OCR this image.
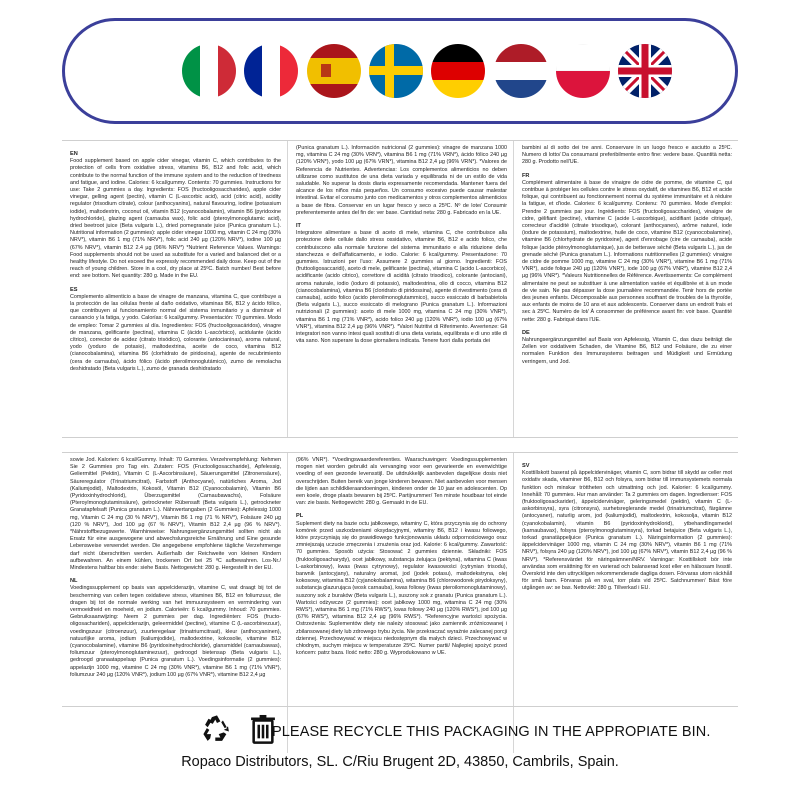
EN
Food supplement based on apple cider vinegar, vitamin C, which contributes to the protection of cells from oxidative stress, vitamins B6, B12 and folic acid, which contribute to the normal function of the immune system and to the reduction of tiredness and fatigue, and iodine. Calories: 6 kcal/gummy. Contents: 70 gummies. Instructions for use: Take 2 gummies a day. Ingredients: FOS (fructooligosaccharides), apple cider vinegar, gelling agent (pectin), vitamin C (L-ascorbic acid), acid (citric acid), acidity regulator (trisodium citrate), colour (anthocyanins), natural flavouring, iodine (potassium iodide), maltodextrin, coconut oil, vitamin B12 (cyanocobalamin), vitamin B6 (pyridoxine hydrochloride), glazing agent (carnauba wax), folic acid (pteroylmonoglutamic acid), dried beetroot juice (Beta vulgaris L.), dried pomegranate juice (Punica granatum L.). Nutritional information (2 gummies): apple cider vinegar 1000 mg, vitamin C 24 mg (30% NRV*), vitamin B6 1 mg (71% NRV*), folic acid 240 µg (120% NRV*), iodine 100 µg (67% NRV*), vitamin B12 2.4 µg (96% NRV*) *Nutrient Reference Values. Warnings: Food supplements should not be used as substitute for a varied and balanced diet or a healthy lifestyle. Do not exceed the expressly recommended daily dose. Keep out of the reach of young children. Store in a cool, dry place at 25ºC. Batch number/ Best before end: see bottom. Net quantity: 280 g. Made in the EU.
ES
Complemento alimenticio a base de vinagre de manzana, vitamina C, que contribuye a la protección de las células frente al daño oxidativo, vitaminas B6, B12 y ácido fólico, que contribuyen al funcionamiento normal del sistema inmunitario y a disminuir el cansancio y la fatiga, y yodo. Calorías: 6 kcal/gummy. Presentación: 70 gummies. Modo de empleo: Tomar 2 gummies al día. Ingredientes: FOS (fructooligosacáridos), vinagre de manzana, gelificante (pectina), vitamina C (ácido L-ascórbico), acidulante (ácido cítrico), corrector de acidez (citrato trisódico), colorante (antocianinas), aroma natural, yodo (yoduro de potasio), maltodextrina, aceite de coco, vitamina B12 (cianocobalamina), vitamina B6 (clorhidrato de piridoxina), agente de recubrimiento (cera de carnauba), ácido fólico (ácido pteroilmonoglutámico), zumo de remolacha deshidratado (Beta vulgaris L.), zumo de granada deshidratado
(Punica granatum L.). Información nutricional (2 gummies): vinagre de manzana 1000 mg, vitamina C 24 mg (30% VRN*), vitamina B6 1 mg (71% VRN*), ácido fólico 240 µg (120% VRN*), yodo 100 µg (67% VRN*), vitamina B12 2,4 µg (96% VRN*). *Valores de Referencia de Nutrientes. Advertencias: Los complementos alimenticios no deben utilizarse como sustitutos de una dieta variada y equilibrada ni de un estilo de vida saludable. No superar la dosis diaria expresamente recomendada. Mantener fuera del alcance de los niños más pequeños. Un consumo excesivo puede causar malestar intestinal. Evitar el consumo junto con medicamentos y otros complementos alimenticios a base de fibra. Conservar en un lugar fresco y seco a 25ºC. Nº de lote/ Consumir preferentemente antes del fin de: ver base. Cantidad neta: 280 g. Fabricado en la UE.
IT
Integratore alimentare a base di aceto di mele, vitamina C, che contribuisce alla protezione delle cellule dallo stress ossidativo, vitamine B6, B12 e acido folico, che contribuiscono alla normale funzione del sistema immunitario e alla riduzione della stanchezza e dell'affaticamento, e iodio. Calorie: 6 kcal/gummy. Presentazione: 70 gummies. Istruzioni per l'uso: Assumere 2 gummies al giorno. Ingredienti: FOS (fruttooligosaccaridi), aceto di mele, gelificante (pectina), vitamina C (acido L-ascorbico), acidificante (acido citrico), correttore di acidità (citrato trisodico), colorante (antociani), aroma naturale, iodio (ioduro di potassio), maltodestrina, olio di cocco, vitamina B12 (cianocobalamina), vitamina B6 (cloridrato di piridossina), agente di rivestimento (cera di carnauba), acido folico (acido pteroilmonoglutammico), succo essiccato di barbabietola (Beta vulgaris L.), succo essiccato di melograno (Punica granatum L.). Informazioni nutrizionali (2 gummies): aceto di mele 1000 mg, vitamina C 24 mg (30% VNR*), vitamina B6 1 mg (71% VNR*), acido folico 240 µg (120% VNR*), iodio 100 µg (67% VNR*), vitamina B12 2,4 µg (96% VNR*). *Valori Nutritivi di Riferimento. Avvertenze: Gli integratori non vanno intesi quali sostituti di una dieta variata, equilibrata e di uno stile di vita sano. Non superare la dose giornaliera indicata. Tenere fuori dalla portata dei
bambini al di sotto dei tre anni. Conservare in un luogo fresco e asciutto a 25ºC. Numero di lotto/ Da consumarsi preferibilmente entro fine: vedere base. Quantità netta: 280 g. Prodotto nell'UE.
FR
Complément alimentaire à base de vinaigre de cidre de pomme, de vitamine C, qui contribue à protéger les cellules contre le stress oxydatif, de vitamines B6, B12 et acide folique, qui contribuent au fonctionnement normal du système immunitaire et à réduire la fatigue, et d'iode. Calories: 6 kcal/gummy. Contenu: 70 gummies. Mode d'emploi: Prendre 2 gummies par jour. Ingrédients: FOS (fructooligosaccharides), vinaigre de cidre, gélifiant (pectine), vitamine C (acide L-ascorbique), acidifiant (acide citrique), correcteur d'acidité (citrate trisodique), colorant (anthocyanes), arôme naturel, iode (iodure de potassium), maltodextrine, huile de coco, vitamine B12 (cyanocobalamine), vitamine B6 (chlorhydrate de pyridoxine), agent d'enrobage (cire de carnauba), acide folique (acide ptéroylmonoglutamique), jus de betterave séché (Beta vulgaris L.), jus de grenade séché (Punica granatum L.). Informations nutritionnelles (2 gummies): vinaigre de cidre de pomme 1000 mg, vitamine C 24 mg (30% VNR*), vitamine B6 1 mg (71% VNR*), acide folique 240 µg (120% VNR*), iode 100 µg (67% VNR*), vitamine B12 2,4 µg (96% VNR*). *Valeurs Nutritionnelles de Référence. Avertissements: Ce complément alimentaire ne peut se substituer à une alimentation variée et équilibrée et à un mode de vie sain. Ne pas dépasser la dose journalière recommandée. Tenir hors de portée des jeunes enfants. Décomposable aux personnes souffrant de troubles de la thyroïde, aux enfants de moins de 10 ans et aux adolescents. Conserver dans un endroit frais et sec à 25ºC. Numéro de lot/ À consommer de préférence avant fin: voir base. Quantité nette: 280 g. Fabriqué dans l'UE.
DE
Nahrungsergänzungsmittel auf Basis von Apfelessig, Vitamin C, das dazu beiträgt die Zellen vor oxidativem Schaden, die Vitamine B6, B12 und Folsäure, die zu einer normalen Funktion des Immunsystems beitragen und Müdigkeit und Ermüdung verringern, und Jod.
sowie Jod. Kalorien: 6 kcal/Gummy. Inhalt: 70 Gummies. Verzehrempfehlung: Nehmen Sie 2 Gummies pro Tag ein. Zutaten: FOS (Fructooligosaccharide), Apfelessig, Geliermittel (Pektin), Vitamin C (L-Ascorbinsäure), Säuerungsmittel (Zitronensäure), Säureregulator (Trinatriumcitrat), Farbstoff (Anthocyane), natürliches Aroma, Jod (Kaliumjodid), Maltodextrin, Kokosöl, Vitamin B12 (Cyanocobalamin), Vitamin B6 (Pyridoxinhydrochlorid), Überzugsmittel (Carnaubawachs), Folsäure (Pteroylmonoglutaminsäure), getrockneter Rübensaft (Beta vulgaris L.), getrockneter Granatapfelsaft (Punica granatum L.). Nährwertangaben (2 Gummies): Apfelessig 1000 mg, Vitamin C 24 mg (30 % NRV*), Vitamin B6 1 mg (71 % NRV*), Folsäure 240 µg (120 % NRV*), Jod 100 µg (67 % NRV*), Vitamin B12 2,4 µg (96 % NRV*). *Nährstoffbezugswerte. Warnhinweise: Nahrungsergänzungsmittel sollten nicht als Ersatz für eine ausgewogene und abwechslungsreiche Ernährung und Eine gesunde Lebensweise verwendet werden. Die angegebene empfohlene tägliche Verzehrmenge darf nicht überschritten werden. Außerhalb der Reichweite von kleinen Kindern aufbewahren. An einem kühlen, trockenen Ort bei 25 ºC aufbewahren. Los-Nr./ Mindestens haltbar bis ende: siehe Basis. Nettogewicht: 280 g. Hergestellt in der EU.
NL
Voedingssupplement op basis van appelciderazijn, vitamine C, wat draagt bij tot de bescherming van cellen tegen oxidatieve stress, vitamines B6, B12 en foliumzuur, die dragen bij tot de normale werking van het immuunsysteem en vermindering van vermoeidheid en moeheid, en jodium. Calorieën: 6 kcal/gummy. Inhoud: 70 gummies. Gebruiksaanwijzing: Neem 2 gummies per dag. Ingrediënten: FOS (fructo-oligosachariden), appelciderazijn, geleermiddel (pectine), vitamine C (L-ascorbinezuur), voedingszuur (citroenzuur), zuurteregelaar (trinatriumcitraat), kleur (anthocyaninen), natuurlijke aroma, jodium (kaliumjodide), maltodextrine, kokosolie, vitamine B12 (cyanocobalamine), vitamine B6 (pyridoxinehydrochloride), glansmiddel (carnaubawas), foliumzuur (pteroylmonoglutaminezuur), gedroogd bietensap (Beta vulgaris L.), gedroogd granaatappelsap (Punica granatum L.). Voedingsinformatie (2 gummies): appelazijn 1000 mg, vitamine C 24 mg (30% VNR*), vitamine B6 1 mg (71% VNR*), foliumzuur 240 µg (120% VNR*), jodium 100 µg (67% VNR*), vitamine B12 2,4 µg
(96% VNR*). *Voedingswaardereferenties. Waarschuwingen: Voedingssupplementen mogen niet worden gebruikt als vervanging voor een gevarieerde en evenwichtige voeding of een gezonde levensstijl. De uitdrukkelijk aanbevolen dagelijkse dosis niet overschrijden. Buiten bereik van jonge kinderen bewaren. Niet aanbevolen voor mensen die lijden aan schildklieraandoeningen, kinderen onder de 10 jaar en adolescenten. Op een koele, droge plaats bewaren bij 25ºC. Partijnummer/ Ten minste houdbaar tot einde van: zie basis. Nettogewicht: 280 g. Gemaakt in de EU.
PL
Suplement diety na bazie octu jabłkowego, witaminy C, która przyczynia się do ochrony komórek przed uszkodzeniami oksydacyjnymi, witaminy B6, B12 i kwasu foliowego, które przyczyniają się do prawidłowego funkcjonowania układu odpornościowego oraz zmniejszają uczucie zmęczenia i znużenia oraz jod. Kalorie: 6 kcal/gummy. Zawartość: 70 gummies. Sposób użycia: Stosować 2 gummies dziennie. Składniki: FOS (fruktooligosacharydy), ocet jabłkowy, substancja żelująca (pektyna), witamina C (kwas L-askorbinowy), kwas (kwas cytrynowy), regulator kwasowości (cytrynian trisodu), barwnik (antocyjany), naturalny aromat, jod (jodek potasu), maltodekstryna, olej kokosowy, witamina B12 (cyjanokobalamina), witamina B6 (chlorowodorek pirydoksyny), substancja glazurująca (wosk carnauba), kwas foliowy (kwas pteroilomonoglutaminowy), suszony sok z buraków (Beta vulgaris L.), suszony sok z granatu (Punica granatum L.). Wartości odżywcze (2 gummies): ocet jabłkowy 1000 mg, witamina C 24 mg (30% RWS*), witamina B6 1 mg (71% RWS*), kwas foliowy 240 µg (120% RWS*), jod 100 µg (67% RWS*), witamina B12 2,4 µg (96% RWS*). *Referencyjne wartości spożycia. Ostrzeżenia: Suplementów diety nie należy stosować jako zamiennik zróżnicowanej i zbilansowanej diety lub zdrowego trybu życia. Nie przekraczać wyraźnie zalecanej porcji dziennej. Przechowywać w miejscu niedostępnym dla małych dzieci. Przechowywać w chłodnym, suchym miejscu w temperaturze 25ºC. Numer partii/ Najlepiej spożyć przed końcem: patrz baza. Ilość netto: 280 g. Wyprodukowano w UE.
SV
Kosttillskott baserat på äppelcidervinäger, vitamin C, som bidrar till skydd av celler mot oxidativ skada, vitaminer B6, B12 och folsyra, som bidrar till immunsystemets normala funktion och minskar tröttheten och utmattning och jod. Kalorier: 6 kcal/gummy. Innehåll: 70 gummies. Hur man använder: Ta 2 gummies om dagen. Ingredienser: FOS (fruktooligosackarider), äppelcidervinäger, geleringsmedel (pektin), vitamin C (L-askorbinsyra), syra (citronsyra), surhetsreglerande medel (trinatriumcitrat), färgämne (antocyaner), naturlig arom, jod (kaliumjodid), maltodextrin, kokosolja, vitamin B12 (cyanokobalamin), vitamin B6 (pyridoxinhydroklorid), ytbehandlingsmedel (karnaubavax), folsyra (pteroylmonoglutaminsyra), torkad betajuice (Beta vulgaris L.), torkad granatäppeljuice (Punica granatum L.). Näringsinformation (2 gummies): äppelcidervinäger 1000 mg, vitamin C 24 mg (30% NRV*), vitamin B6 1 mg (71% NRV*), folsyra 240 µg (120% NRV*), jod 100 µg (67% NRV*), vitamin B12 2,4 µg (96 % NRV*). *Referensvärdet för näringsämnen/NRV. Varningar: Kosttillskott bör inte användas som ersättning för en varierad och balanserad kost eller en hälsosam livsstil. Överskrid inte den uttryckligen rekommenderade dagliga dosen. Förvaras utom räckhåll för små barn. Förvaras på en sval, torr plats vid 25ºC. Satchnummer/ Bäst före utgången av: se bas. Nettovikt: 280 g. Tillverkad i EU.
PLEASE RECYCLE THIS PACKAGING IN THE APPROPIATE BIN.
Ropaco Distributors, SL. C/Riu Brugent 2D, 43850, Cambrils, Spain.
